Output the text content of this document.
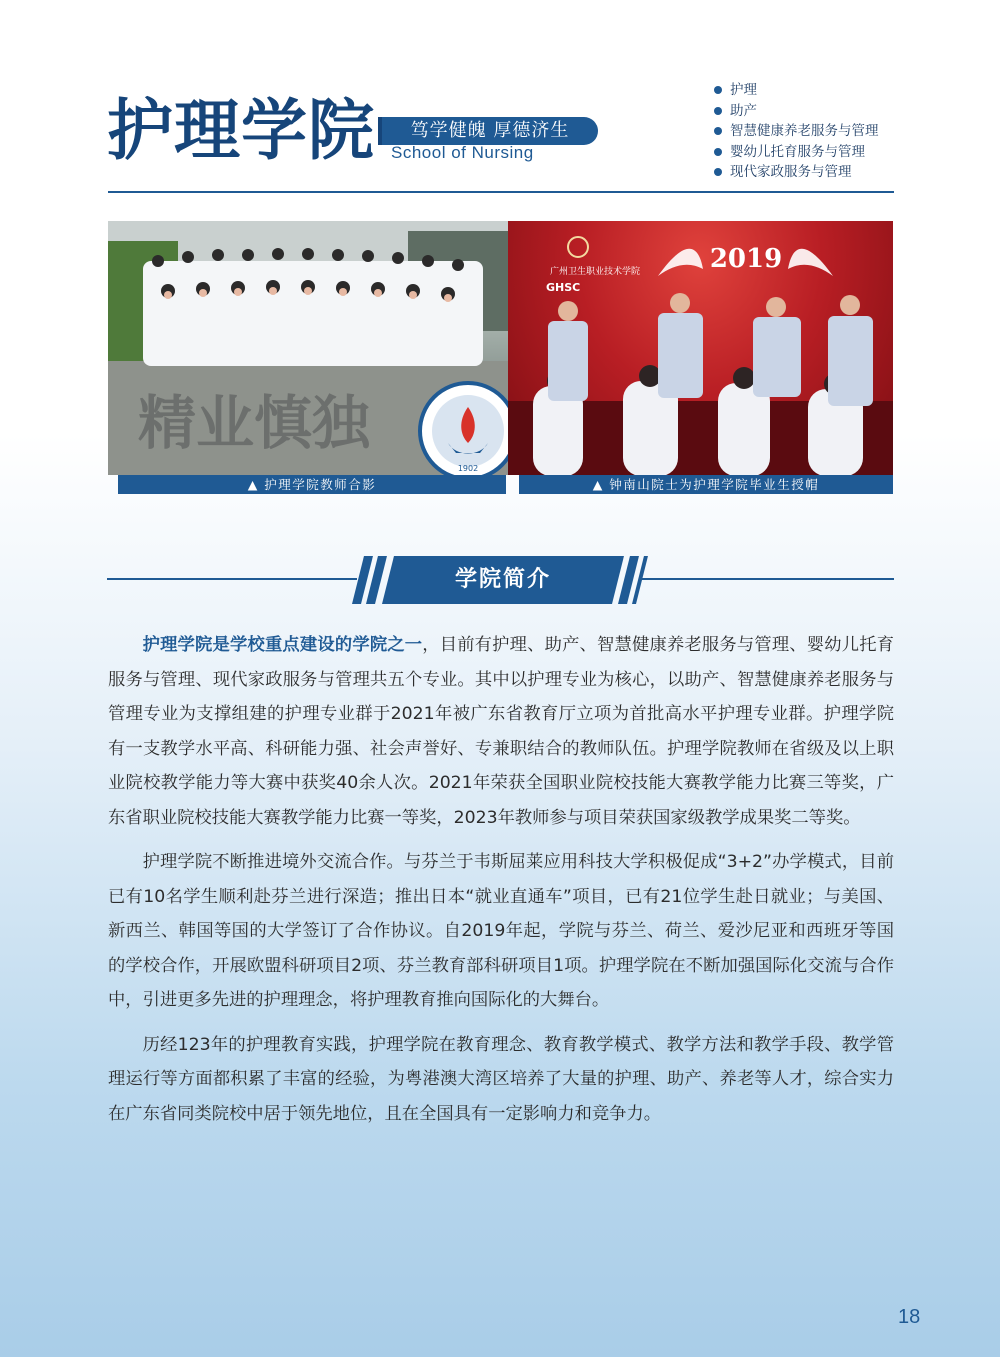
护理学院	笃学健魄 厚德济生
School of Nursing
护理
助产
智慧健康养老服务与管理
婴幼儿托育服务与管理
现代家政服务与管理
精业慎独
1902
▲ 护理学院教师合影
广州卫生职业技术学院
GHSC
2019
▲ 钟南山院士为护理学院毕业生授帽
学院简介

护理学院是学校重点建设的学院之一，目前有护理、助产、智慧健康养老服务与管理、婴幼儿托育服务与管理、现代家政服务与管理共五个专业。其中以护理专业为核心，以助产、智慧健康养老服务与管理专业为支撑组建的护理专业群于2021年被广东省教育厅立项为首批高水平护理专业群。护理学院有一支教学水平高、科研能力强、社会声誉好、专兼职结合的教师队伍。护理学院教师在省级及以上职业院校教学能力等大赛中获奖40余人次。2021年荣获全国职业院校技能大赛教学能力比赛三等奖，广东省职业院校技能大赛教学能力比赛一等奖，2023年教师参与项目荣获国家级教学成果奖二等奖。

护理学院不断推进境外交流合作。与芬兰于韦斯屈莱应用科技大学积极促成“3+2”办学模式，目前已有10名学生顺利赴芬兰进行深造；推出日本“就业直通车”项目，已有21位学生赴日就业；与美国、新西兰、韩国等国的大学签订了合作协议。自2019年起，学院与芬兰、荷兰、爱沙尼亚和西班牙等国的学校合作，开展欧盟科研项目2项、芬兰教育部科研项目1项。护理学院在不断加强国际化交流与合作中，引进更多先进的护理理念，将护理教育推向国际化的大舞台。

历经123年的护理教育实践，护理学院在教育理念、教育教学模式、教学方法和教学手段、教学管理运行等方面都积累了丰富的经验，为粤港澳大湾区培养了大量的护理、助产、养老等人才，综合实力在广东省同类院校中居于领先地位，且在全国具有一定影响力和竞争力。

18
